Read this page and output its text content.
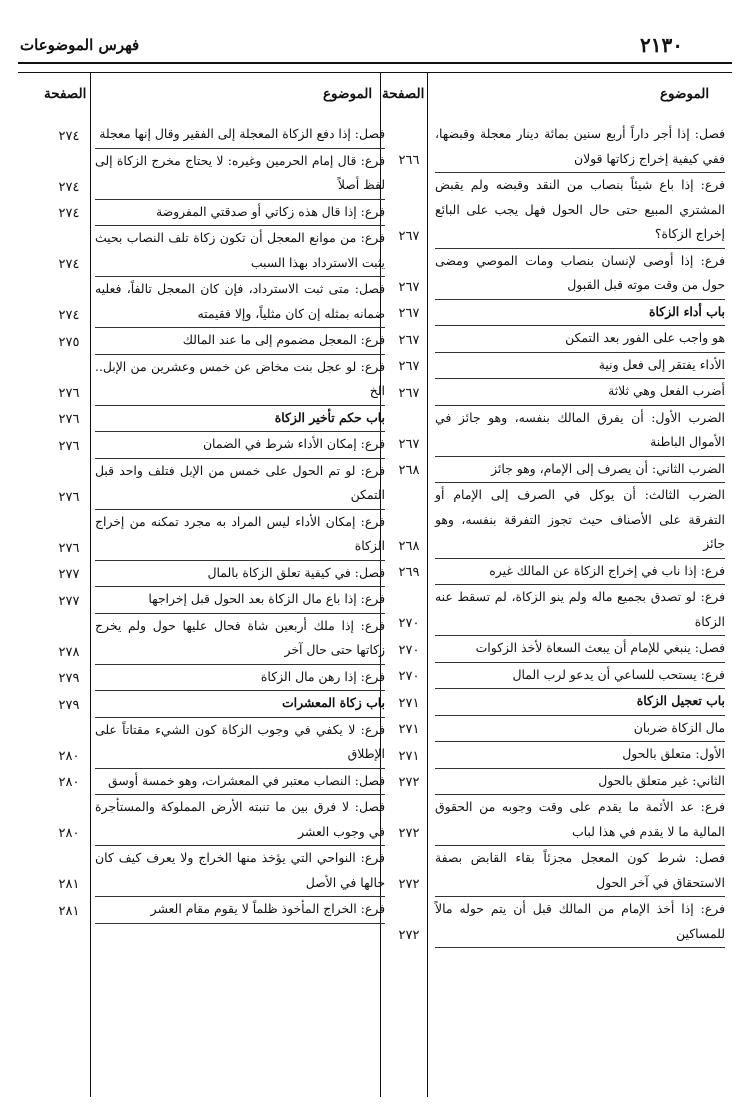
٢١٣٠
فهرس الموضوعات
الموضوع
الصفحة
الموضوع
الصفحة
فصل: إذا أجر داراً أربع سنين بمائة دينار معجلة وقبضها، ففي كيفية إخراج زكاتها قولان
٢٦٦
فرع: إذا باع شيئاً بنصاب من النقد وقبضه ولم يقبض المشتري المبيع حتى حال الحول فهل يجب على البائع إخراج الزكاة؟
٢٦٧
فرع: إذا أوصى لإنسان بنصاب ومات الموصي ومضى حول من وقت موته قبل القبول
٢٦٧
باب أداء الزكاة
٢٦٧
هو واجب على الفور بعد التمكن
٢٦٧
الأداء يفتقر إلى فعل ونية
٢٦٧
أضرب الفعل وهي ثلاثة
٢٦٧
الضرب الأول: أن يفرق المالك بنفسه، وهو جائز في الأموال الباطنة
٢٦٧
الضرب الثاني: أن يصرف إلى الإمام، وهو جائز
٢٦٨
الضرب الثالث: أن يوكل في الصرف إلى الإمام أو التفرقة على الأصناف حيث تجوز التفرقة بنفسه، وهو جائز
٢٦٨
فرع: إذا ناب في إخراج الزكاة عن المالك غيره
٢٦٩
فرع: لو تصدق بجميع ماله ولم ينو الزكاة، لم تسقط عنه الزكاة
٢٧٠
فصل: ينبغي للإمام أن يبعث السعاة لأخذ الزكوات
٢٧٠
فرع: يستحب للساعي أن يدعو لرب المال
٢٧٠
باب تعجيل الزكاة
٢٧١
مال الزكاة ضربان
٢٧١
الأول: متعلق بالحول
٢٧١
الثاني: غير متعلق بالحول
٢٧٢
فرع: عد الأئمة ما يقدم على وقت وجوبه من الحقوق المالية ما لا يقدم في هذا لباب
٢٧٢
فصل: شرط كون المعجل مجزئاً بقاء القابض بصفة الاستحقاق في آخر الحول
٢٧٢
فرع: إذا أخذ الإمام من المالك قبل أن يتم حوله مالاً للمساكين
٢٧٢
فصل: إذا دفع الزكاة المعجلة إلى الفقير وقال إنها معجلة
٢٧٤
فرع: قال إمام الحرمين وغيره: لا يحتاج مخرج الزكاة إلى لفظ أصلاً
٢٧٤
فرع: إذا قال هذه زكاتي أو صدقتي المفروضة
٢٧٤
فرع: من موانع المعجل أن تكون زكاة تلف النصاب بحيث يثبت الاسترداد بهذا السبب
٢٧٤
فصل: متى ثبت الاسترداد، فإن كان المعجل تالفاً، فعليه ضمانه بمثله إن كان مثلياً، وإلا فقيمته
٢٧٤
فرع: المعجل مضموم إلى ما عند المالك
٢٧٥
فرع: لو عجل بنت مخاض عن خمس وعشرين من الإبل.. الخ
٢٧٦
باب حكم تأخير الزكاة
٢٧٦
فرع: إمكان الأداء شرط في الضمان
٢٧٦
فرع: لو تم الحول على خمس من الإبل فتلف واحد قبل التمكن
٢٧٦
فرع: إمكان الأداء ليس المراد به مجرد تمكنه من إخراج الزكاة
٢٧٦
فصل: في كيفية تعلق الزكاة بالمال
٢٧٧
فرع: إذا باع مال الزكاة بعد الحول قبل إخراجها
٢٧٧
فرع: إذا ملك أربعين شاة فحال عليها حول ولم يخرج زكاتها حتى حال آخر
٢٧٨
فرع: إذا رهن مال الزكاة
٢٧٩
باب زكاة المعشرات
٢٧٩
فرع: لا يكفي في وجوب الزكاة كون الشيء مقتاتاً على الإطلاق
٢٨٠
فصل: النصاب معتبر في المعشرات، وهو خمسة أوسق
٢٨٠
فصل: لا فرق بين ما تنبته الأرض المملوكة والمستأجرة في وجوب العشر
٢٨٠
فرع: النواحي التي يؤخذ منها الخراج ولا يعرف كيف كان حالها في الأصل
٢٨١
فرع: الخراج المأخوذ ظلماً لا يقوم مقام العشر
٢٨١
